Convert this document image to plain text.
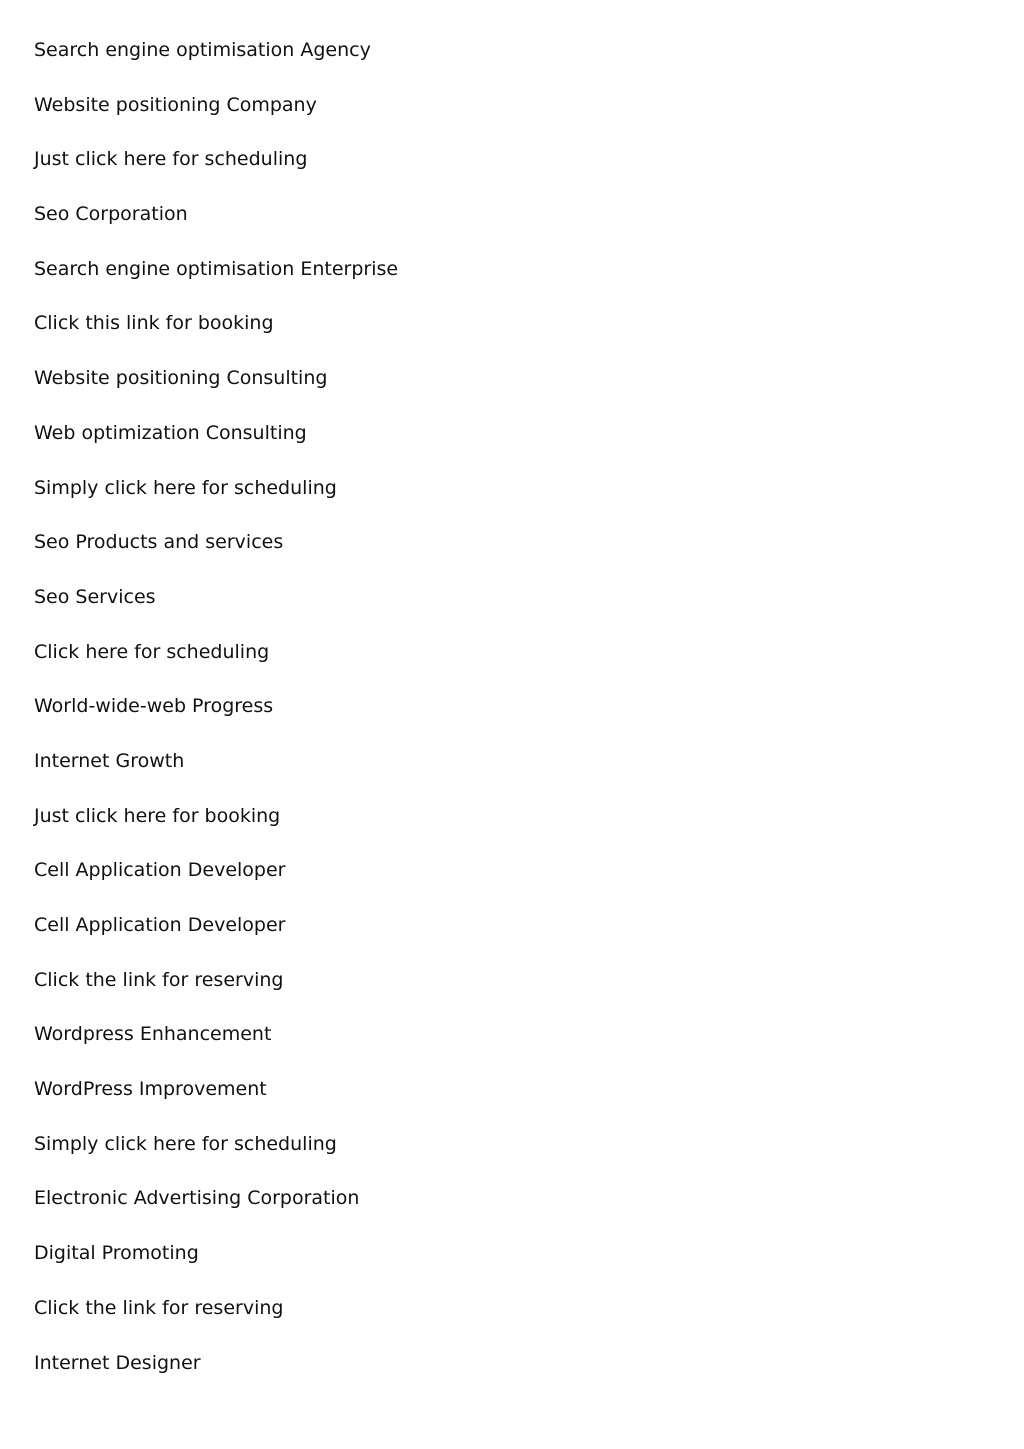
Search engine optimisation Agency
Website positioning Company
Just click here for scheduling
Seo Corporation
Search engine optimisation Enterprise
Click this link for booking
Website positioning Consulting
Web optimization Consulting
Simply click here for scheduling
Seo Products and services
Seo Services
Click here for scheduling
World-wide-web Progress
Internet Growth
Just click here for booking
Cell Application Developer
Cell Application Developer
Click the link for reserving
Wordpress Enhancement
WordPress Improvement
Simply click here for scheduling
Electronic Advertising Corporation
Digital Promoting
Click the link for reserving
Internet Designer
